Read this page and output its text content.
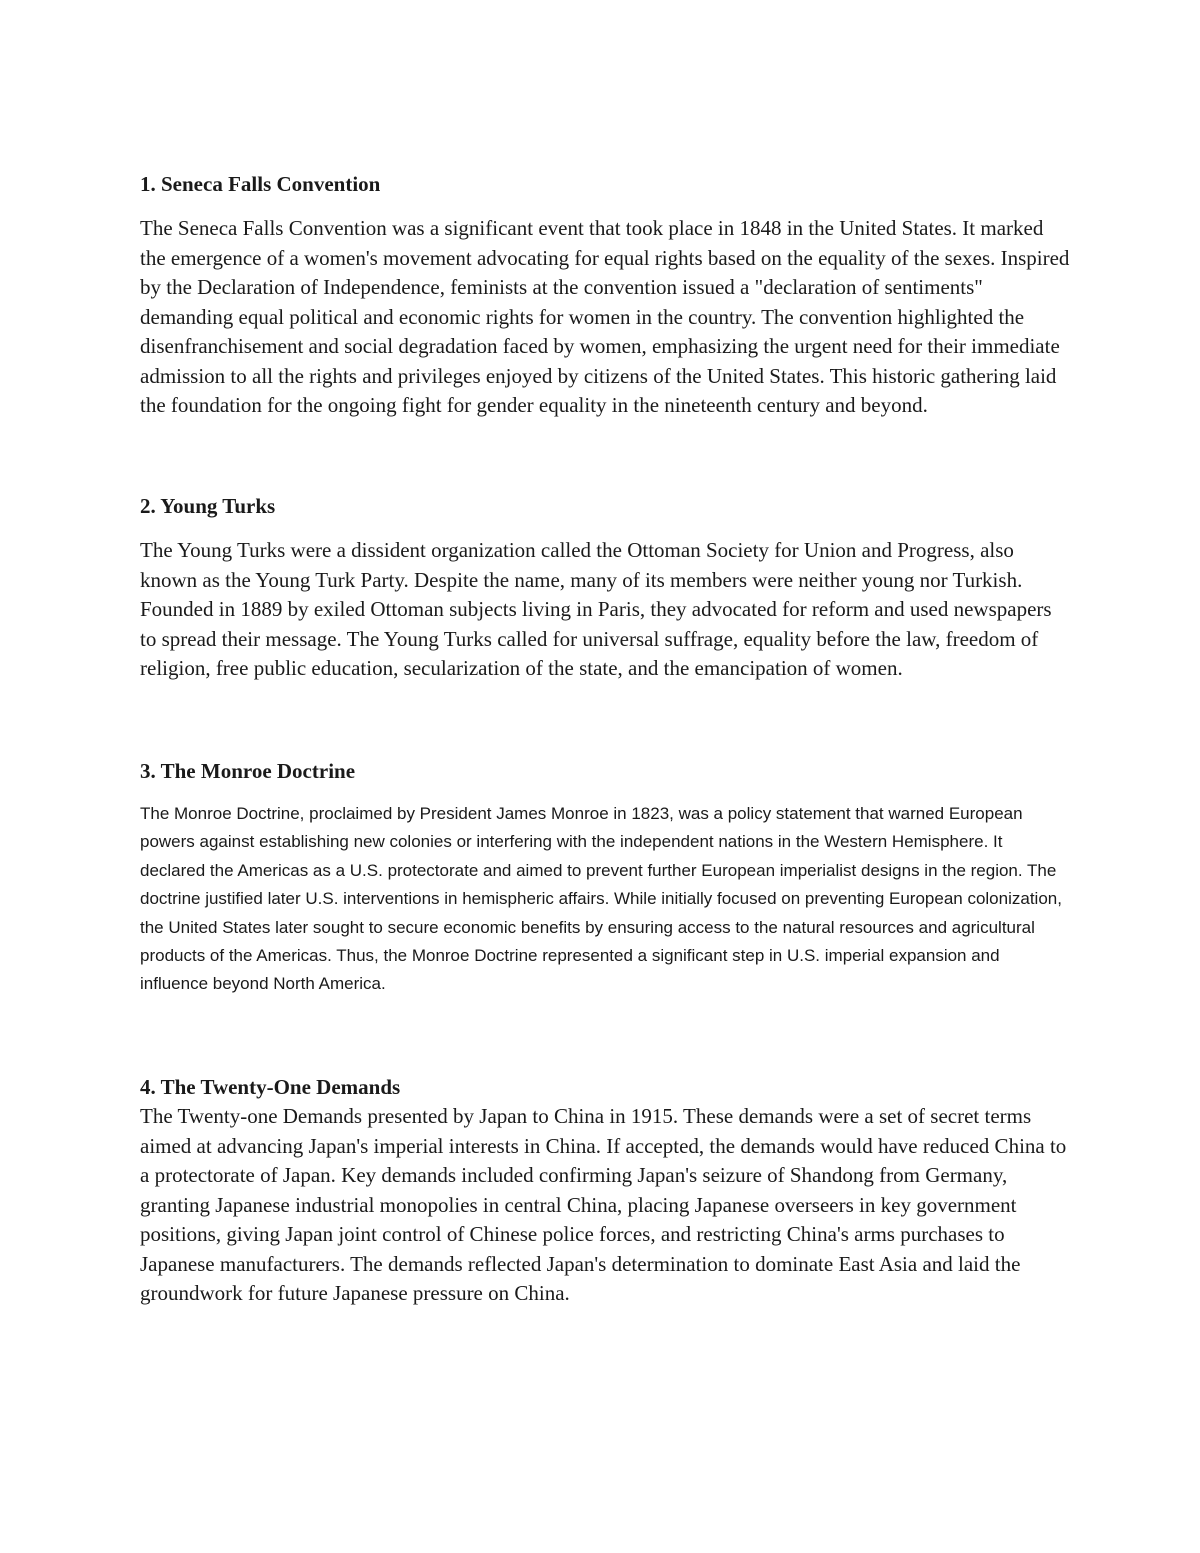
1. Seneca Falls Convention

The Seneca Falls Convention was a significant event that took place in 1848 in the United States. It marked the emergence of a women's movement advocating for equal rights based on the equality of the sexes. Inspired by the Declaration of Independence, feminists at the convention issued a "declaration of sentiments" demanding equal political and economic rights for women in the country. The convention highlighted the disenfranchisement and social degradation faced by women, emphasizing the urgent need for their immediate admission to all the rights and privileges enjoyed by citizens of the United States. This historic gathering laid the foundation for the ongoing fight for gender equality in the nineteenth century and beyond.

2. Young Turks

The Young Turks were a dissident organization called the Ottoman Society for Union and Progress, also known as the Young Turk Party. Despite the name, many of its members were neither young nor Turkish. Founded in 1889 by exiled Ottoman subjects living in Paris, they advocated for reform and used newspapers to spread their message. The Young Turks called for universal suffrage, equality before the law, freedom of religion, free public education, secularization of the state, and the emancipation of women.

3. The Monroe Doctrine

The Monroe Doctrine, proclaimed by President James Monroe in 1823, was a policy statement that warned European powers against establishing new colonies or interfering with the independent nations in the Western Hemisphere. It declared the Americas as a U.S. protectorate and aimed to prevent further European imperialist designs in the region. The doctrine justified later U.S. interventions in hemispheric affairs. While initially focused on preventing European colonization, the United States later sought to secure economic benefits by ensuring access to the natural resources and agricultural products of the Americas. Thus, the Monroe Doctrine represented a significant step in U.S. imperial expansion and influence beyond North America.

4. The Twenty-One Demands

The Twenty-one Demands presented by Japan to China in 1915. These demands were a set of secret terms aimed at advancing Japan's imperial interests in China. If accepted, the demands would have reduced China to a protectorate of Japan. Key demands included confirming Japan's seizure of Shandong from Germany, granting Japanese industrial monopolies in central China, placing Japanese overseers in key government positions, giving Japan joint control of Chinese police forces, and restricting China's arms purchases to Japanese manufacturers. The demands reflected Japan's determination to dominate East Asia and laid the groundwork for future Japanese pressure on China.
